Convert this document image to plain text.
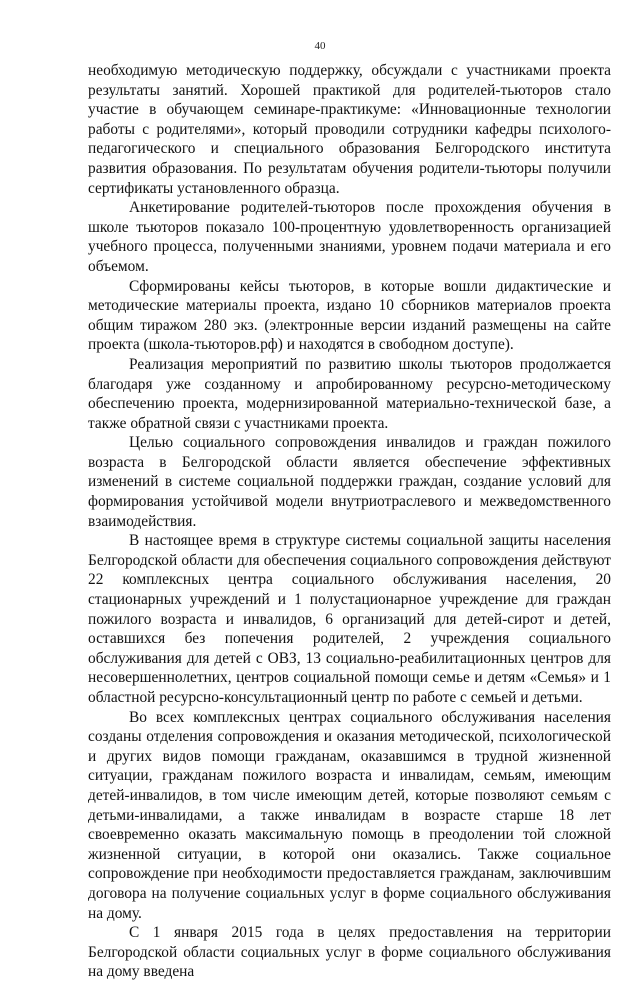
40

необходимую методическую поддержку, обсуждали с участниками проекта результаты занятий. Хорошей практикой для родителей-тьюторов стало участие в обучающем семинаре-практикуме: «Инновационные технологии работы с родителями», который проводили сотрудники кафедры психолого-педагогического и специального образования Белгородского института развития образования. По результатам обучения родители-тьюторы получили сертификаты установленного образца.

Анкетирование родителей-тьюторов после прохождения обучения в школе тьюторов показало 100-процентную удовлетворенность организацией учебного процесса, полученными знаниями, уровнем подачи материала и его объемом.

Сформированы кейсы тьюторов, в которые вошли дидактические и методические материалы проекта, издано 10 сборников материалов проекта общим тиражом 280 экз. (электронные версии изданий размещены на сайте проекта (школа-тьюторов.рф) и находятся в свободном доступе).

Реализация мероприятий по развитию школы тьюторов продолжается благодаря уже созданному и апробированному ресурсно-методическому обеспечению проекта, модернизированной материально-технической базе, а также обратной связи с участниками проекта.

Целью социального сопровождения инвалидов и граждан пожилого возраста в Белгородской области является обеспечение эффективных изменений в системе социальной поддержки граждан, создание условий для формирования устойчивой модели внутриотраслевого и межведомственного взаимодействия.

В настоящее время в структуре системы социальной защиты населения Белгородской области для обеспечения социального сопровождения действуют 22 комплексных центра социального обслуживания населения, 20 стационарных учреждений и 1 полустационарное учреждение для граждан пожилого возраста и инвалидов, 6 организаций для детей-сирот и детей, оставшихся без попечения родителей, 2 учреждения социального обслуживания для детей с ОВЗ, 13 социально-реабилитационных центров для несовершеннолетних, центров социальной помощи семье и детям «Семья» и 1 областной ресурсно-консультационный центр по работе с семьей и детьми.

Во всех комплексных центрах социального обслуживания населения созданы отделения сопровождения и оказания методической, психологической и других видов помощи гражданам, оказавшимся в трудной жизненной ситуации, гражданам пожилого возраста и инвалидам, семьям, имеющим детей-инвалидов, в том числе имеющим детей, которые позволяют семьям с детьми-инвалидами, а также инвалидам в возрасте старше 18 лет своевременно оказать максимальную помощь в преодолении той сложной жизненной ситуации, в которой они оказались. Также социальное сопровождение при необходимости предоставляется гражданам, заключившим договора на получение социальных услуг в форме социального обслуживания на дому.

С 1 января 2015 года в целях предоставления на территории Белгородской области социальных услуг в форме социального обслуживания на дому введена
